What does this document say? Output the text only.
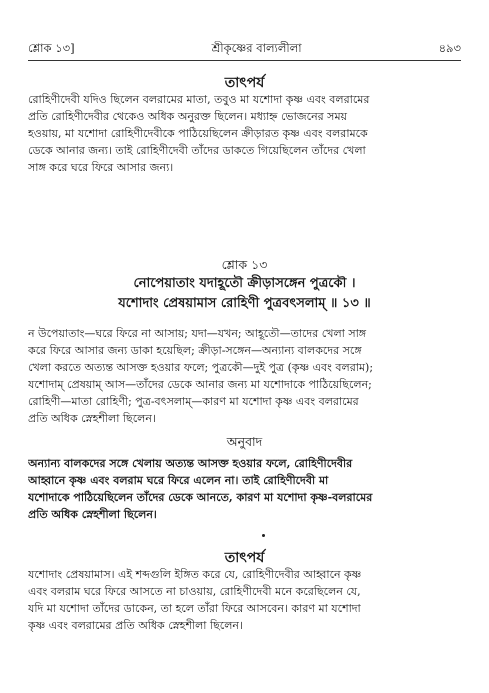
শ্লোক ১৩]	শ্রীকৃষ্ণের বাল্যলীলা	৪৯৩
তাৎপর্য
রোহিণীদেবী যদিও ছিলেন বলরামের মাতা, তবুও মা যশোদা কৃষ্ণ এবং বলরামের
প্রতি রোহিণীদেবীর থেকেও অধিক অনুরক্ত ছিলেন। মধ্যাহ্ন ভোজনের সময়
হওয়ায়, মা যশোদা রোহিণীদেবীকে পাঠিয়েছিলেন ক্রীড়ারত কৃষ্ণ এবং বলরামকে
ডেকে আনার জন্য। তাই রোহিণীদেবী তাঁদের ডাকতে গিয়েছিলেন তাঁদের খেলা
সাঙ্গ করে ঘরে ফিরে আসার জন্য।
শ্লোক ১৩
নোপেয়াতাং যদাহূতৌ ক্রীড়াসঙ্গেন পুত্রকৌ ।
যশোদাং প্রেষয়ামাস রোহিণী পুত্রবৎসলাম্ ॥ ১৩ ॥
ন উপেয়াতাং—ঘরে ফিরে না আসায়; যদা—যখন; আহূতৌ—তাদের খেলা সাঙ্গ
করে ফিরে আসার জন্য ডাকা হয়েছিল; ক্রীড়া-সঙ্গেন—অন্যান্য বালকদের সঙ্গে
খেলা করতে অত্যন্ত আসক্ত হওয়ার ফলে; পুত্রকৌ—দুই পুত্র (কৃষ্ণ এবং বলরাম);
যশোদাম্ প্রেষয়াম্ আস—তাঁদের ডেকে আনার জন্য মা যশোদাকে পাঠিয়েছিলেন;
রোহিণী—মাতা রোহিণী; পুত্র-বৎসলাম্—কারণ মা যশোদা কৃষ্ণ এবং বলরামের
প্রতি অধিক স্নেহশীলা ছিলেন।
অনুবাদ
অন্যান্য বালকদের সঙ্গে খেলায় অত্যন্ত আসক্ত হওয়ার ফলে, রোহিণীদেবীর
আহ্বানে কৃষ্ণ এবং বলরাম ঘরে ফিরে এলেন না। তাই রোহিণীদেবী মা
যশোদাকে পাঠিয়েছিলেন তাঁদের ডেকে আনতে, কারণ মা যশোদা কৃষ্ণ-বলরামের
প্রতি অধিক স্নেহশীলা ছিলেন।
তাৎপর্য
যশোদাং প্রেষয়ামাস। এই শব্দগুলি ইঙ্গিত করে যে, রোহিণীদেবীর আহ্বানে কৃষ্ণ
এবং বলরাম ঘরে ফিরে আসতে না চাওয়ায়, রোহিণীদেবী মনে করেছিলেন যে,
যদি মা যশোদা তাঁদের ডাকেন, তা হলে তাঁরা ফিরে আসবেন। কারণ মা যশোদা
কৃষ্ণ এবং বলরামের প্রতি অধিক স্নেহশীলা ছিলেন।
